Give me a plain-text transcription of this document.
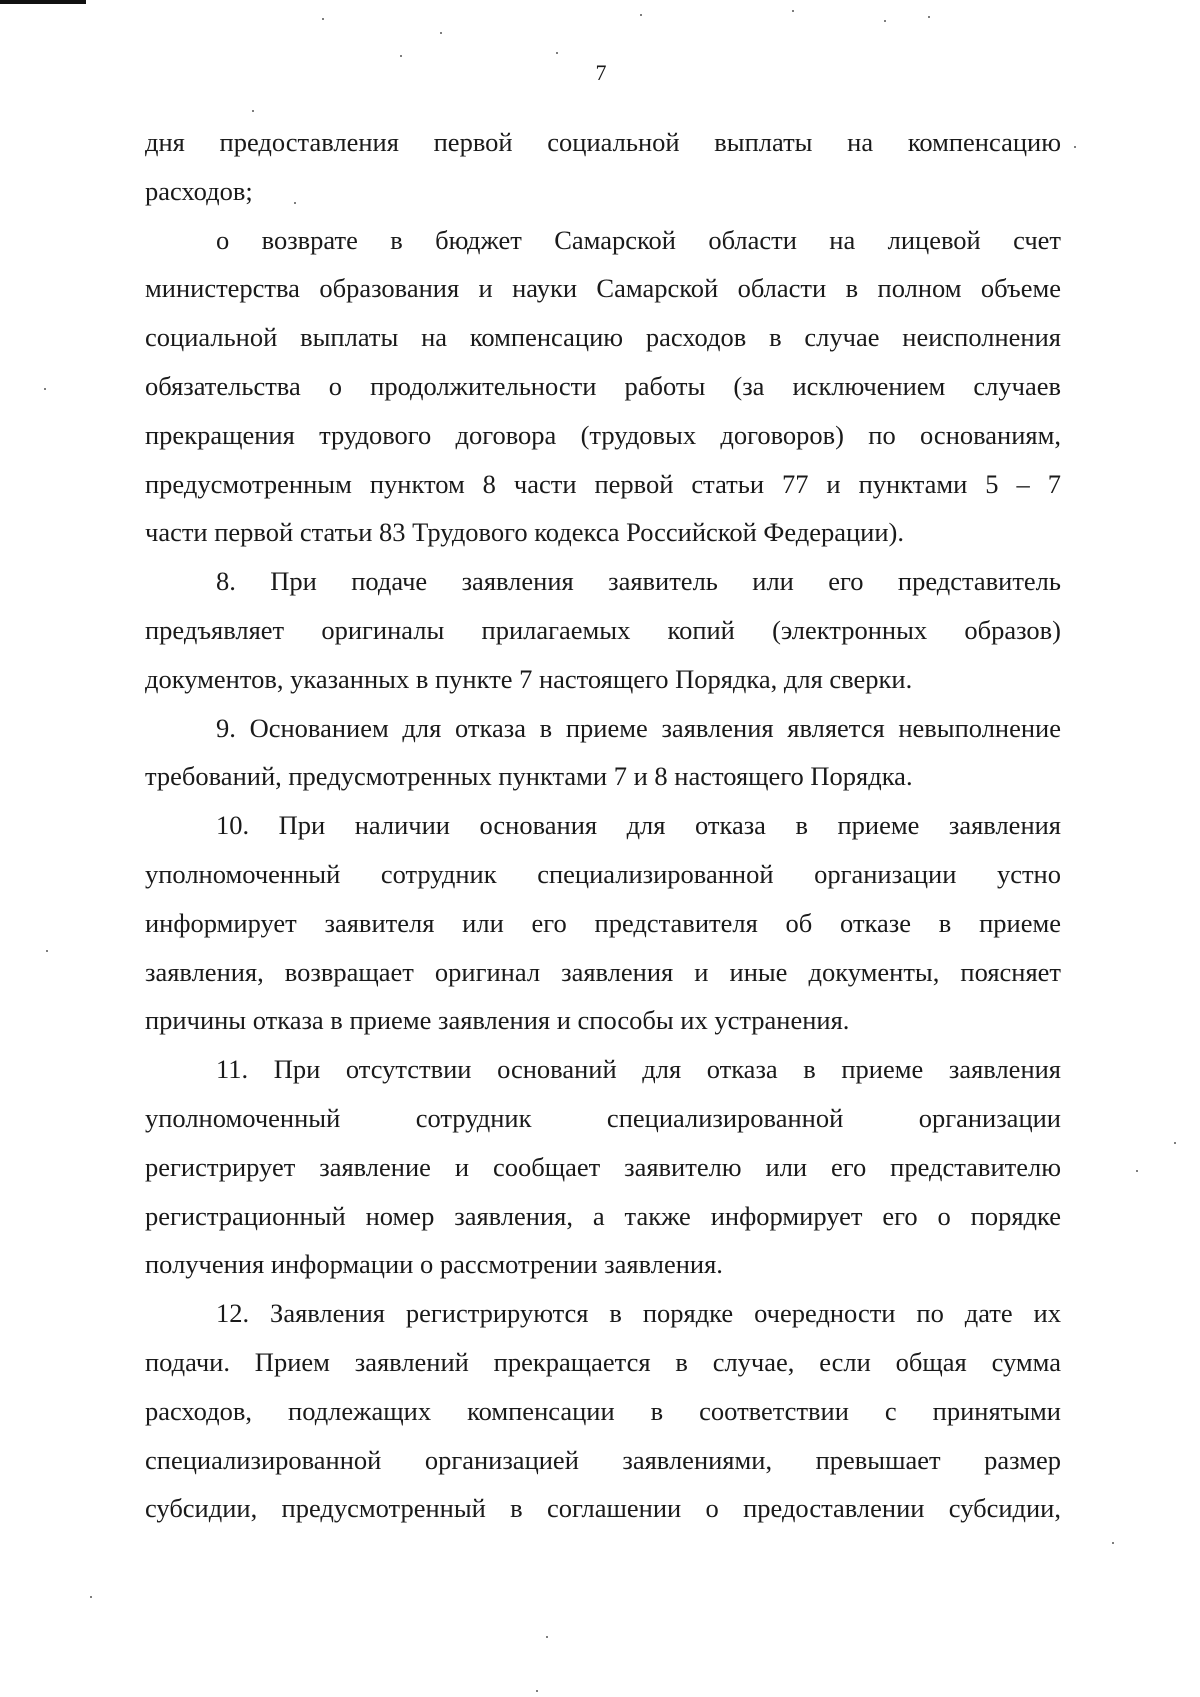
7
дня предоставления первой социальной выплаты на компенсацию
расходов;
о возврате в бюджет Самарской области на лицевой счет
министерства образования и науки Самарской области в полном объеме
социальной выплаты на компенсацию расходов в случае неисполнения
обязательства о продолжительности работы (за исключением случаев
прекращения трудового договора (трудовых договоров) по основаниям,
предусмотренным пунктом 8 части первой статьи 77 и пунктами 5 – 7
части первой статьи 83 Трудового кодекса Российской Федерации).
8. При подаче заявления заявитель или его представитель
предъявляет оригиналы прилагаемых копий (электронных образов)
документов, указанных в пункте 7 настоящего Порядка, для сверки.
9. Основанием для отказа в приеме заявления является невыполнение
требований, предусмотренных пунктами 7 и 8 настоящего Порядка.
10. При наличии основания для отказа в приеме заявления
уполномоченный сотрудник специализированной организации устно
информирует заявителя или его представителя об отказе в приеме
заявления, возвращает оригинал заявления и иные документы, поясняет
причины отказа в приеме заявления и способы их устранения.
11. При отсутствии оснований для отказа в приеме заявления
уполномоченный сотрудник специализированной организации
регистрирует заявление и сообщает заявителю или его представителю
регистрационный номер заявления, а также информирует его о порядке
получения информации о рассмотрении заявления.
12. Заявления регистрируются в порядке очередности по дате их
подачи. Прием заявлений прекращается в случае, если общая сумма
расходов, подлежащих компенсации в соответствии с принятыми
специализированной организацией заявлениями, превышает размер
субсидии, предусмотренный в соглашении о предоставлении субсидии,
